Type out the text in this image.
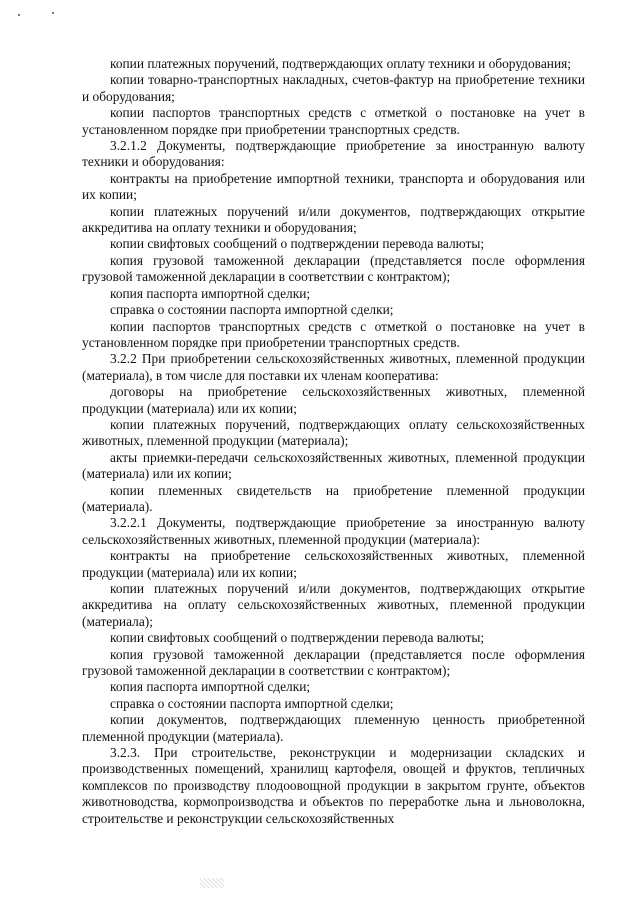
копии платежных поручений, подтверждающих оплату техники и оборудования;

копии товарно-транспортных накладных, счетов-фактур на приобретение техники и оборудования;

копии паспортов транспортных средств с отметкой о постановке на учет в установленном порядке при приобретении транспортных средств.

3.2.1.2 Документы, подтверждающие приобретение за иностранную валюту техники и оборудования:

контракты на приобретение импортной техники, транспорта и оборудования или их копии;

копии платежных поручений и/или документов, подтверждающих открытие аккредитива на оплату техники и оборудования;

копии свифтовых сообщений о подтверждении перевода валюты;

копия грузовой таможенной декларации (представляется после оформления грузовой таможенной декларации в соответствии с контрактом);

копия паспорта импортной сделки;

справка о состоянии паспорта импортной сделки;

копии паспортов транспортных средств с отметкой о постановке на учет в установленном порядке при приобретении транспортных средств.

3.2.2 При приобретении сельскохозяйственных животных, племенной продукции (материала), в том числе для поставки их членам кооператива:

договоры на приобретение сельскохозяйственных животных, племенной продукции (материала) или их копии;

копии платежных поручений, подтверждающих оплату сельскохозяйственных животных, племенной продукции (материала);

акты приемки-передачи сельскохозяйственных животных, племенной продукции (материала) или их копии;

копии племенных свидетельств на приобретение племенной продукции (материала).

3.2.2.1 Документы, подтверждающие приобретение за иностранную валюту сельскохозяйственных животных, племенной продукции (материала):

контракты на приобретение сельскохозяйственных животных, племенной продукции (материала) или их копии;

копии платежных поручений и/или документов, подтверждающих открытие аккредитива на оплату сельскохозяйственных животных, племенной продукции (материала);

копии свифтовых сообщений о подтверждении перевода валюты;

копия грузовой таможенной декларации (представляется после оформления грузовой таможенной декларации в соответствии с контрактом);

копия паспорта импортной сделки;

справка о состоянии паспорта импортной сделки;

копии документов, подтверждающих племенную ценность приобретенной племенной продукции (материала).

3.2.3. При строительстве, реконструкции и модернизации складских и производственных помещений, хранилищ картофеля, овощей и фруктов, тепличных комплексов по производству плодоовощной продукции в закрытом грунте, объектов животноводства, кормопроизводства и объектов по переработке льна и льноволокна, строительстве и реконструкции сельскохозяйственных
